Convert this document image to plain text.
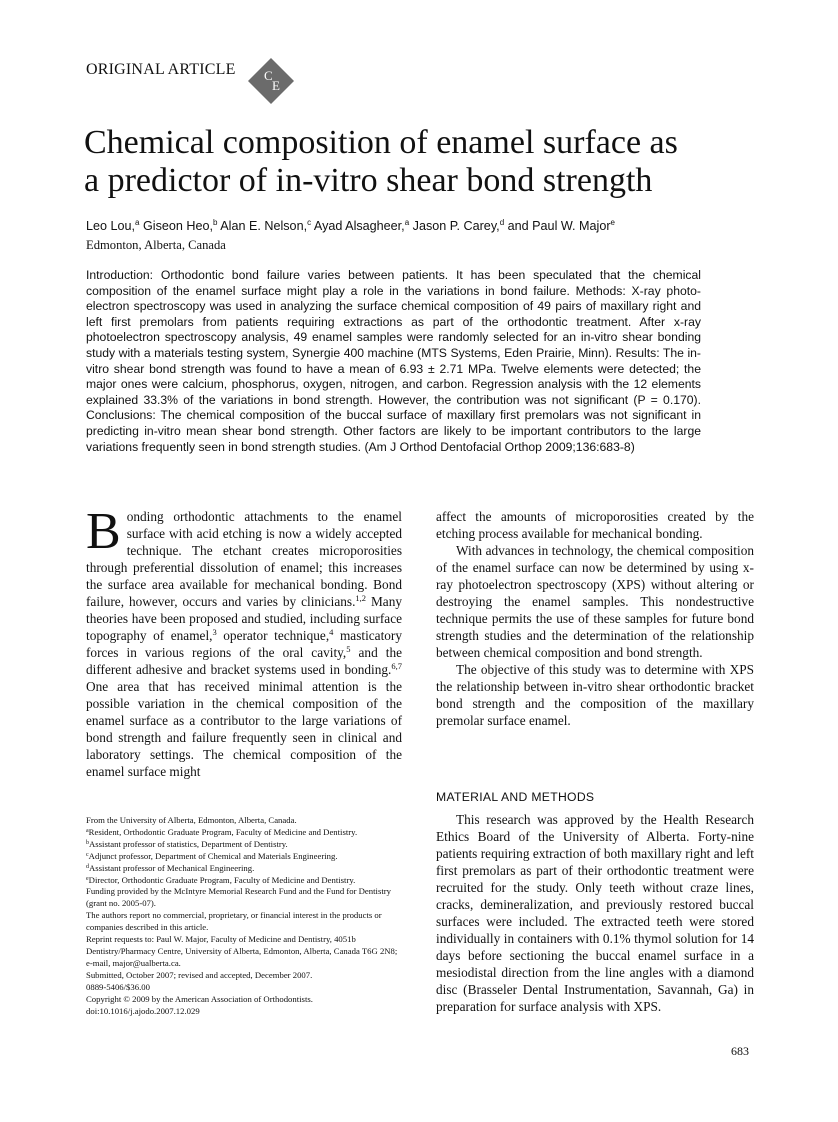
ORIGINAL ARTICLE C
E
Chemical composition of enamel surface as
a predictor of in-vitro shear bond strength
Leo Lou,$^a$ Giseon Heo,$^b$ Alan E. Nelson,$^c$ Ayad Alsagheer,$^a$ Jason P. Carey,$^d$ and Paul W. Major$^e$
Edmonton, Alberta, Canada

Introduction: Orthodontic bond failure varies between patients. It has been speculated that the chemical composition of the enamel surface might play a role in the variations in bond failure. Methods: X-ray photo-electron spectroscopy was used in analyzing the surface chemical composition of 49 pairs of maxillary right and left first premolars from patients requiring extractions as part of the orthodontic treatment. After x-ray photoelectron spectroscopy analysis, 49 enamel samples were randomly selected for an in-vitro shear bonding study with a materials testing system, Synergie 400 machine (MTS Systems, Eden Prairie, Minn). Results: The in-vitro shear bond strength was found to have a mean of 6.93 ± 2.71 MPa. Twelve elements were detected; the major ones were calcium, phosphorus, oxygen, nitrogen, and carbon. Regression analysis with the 12 elements explained 33.3% of the variations in bond strength. However, the contribution was not significant (P = 0.170). Conclusions: The chemical composition of the buccal surface of maxillary first premolars was not significant in predicting in-vitro mean shear bond strength. Other factors are likely to be important contributors to the large variations frequently seen in bond strength studies. (Am J Orthod Dentofacial Orthop 2009;136:683-8)

Bonding orthodontic attachments to the enamel surface with acid etching is now a widely accepted technique. The etchant creates microporosities through preferential dissolution of enamel; this increases the surface area available for mechanical bonding. Bond failure, however, occurs and varies by clinicians.$^{1,2}$ Many theories have been proposed and studied, including surface topography of enamel,$^3$ operator technique,$^4$ masticatory forces in various regions of the oral cavity,$^5$ and the different adhesive and bracket systems used in bonding.$^{6,7}$ One area that has received minimal attention is the possible variation in the chemical composition of the enamel surface as a contributor to the large variations of bond strength and failure frequently seen in clinical and laboratory settings. The chemical composition of the enamel surface might

affect the amounts of microporosities created by the etching process available for mechanical bonding.

With advances in technology, the chemical composition of the enamel surface can now be determined by using x-ray photoelectron spectroscopy (XPS) without altering or destroying the enamel samples. This nondestructive technique permits the use of these samples for future bond strength studies and the determination of the relationship between chemical composition and bond strength.

The objective of this study was to determine with XPS the relationship between in-vitro shear orthodontic bracket bond strength and the composition of the maxillary premolar surface enamel.

MATERIAL AND METHODS

This research was approved by the Health Research Ethics Board of the University of Alberta. Forty-nine patients requiring extraction of both maxillary right and left first premolars as part of their orthodontic treatment were recruited for the study. Only teeth without craze lines, cracks, demineralization, and previously restored buccal surfaces were included. The extracted teeth were stored individually in containers with 0.1% thymol solution for 14 days before sectioning the buccal enamel surface in a mesiodistal direction from the line angles with a diamond disc (Brasseler Dental Instrumentation, Savannah, Ga) in preparation for surface analysis with XPS.

From the University of Alberta, Edmonton, Alberta, Canada.
$^a$Resident, Orthodontic Graduate Program, Faculty of Medicine and Dentistry.
$^b$Assistant professor of statistics, Department of Dentistry.
$^c$Adjunct professor, Department of Chemical and Materials Engineering.
$^d$Assistant professor of Mechanical Engineering.
$^e$Director, Orthodontic Graduate Program, Faculty of Medicine and Dentistry.
Funding provided by the McIntyre Memorial Research Fund and the Fund for Dentistry (grant no. 2005-07).
The authors report no commercial, proprietary, or financial interest in the products or companies described in this article.
Reprint requests to: Paul W. Major, Faculty of Medicine and Dentistry, 4051b Dentistry/Pharmacy Centre, University of Alberta, Edmonton, Alberta, Canada T6G 2N8; e-mail, major@ualberta.ca.
Submitted, October 2007; revised and accepted, December 2007.
0889-5406/$36.00
Copyright © 2009 by the American Association of Orthodontists.
doi:10.1016/j.ajodo.2007.12.029
683
